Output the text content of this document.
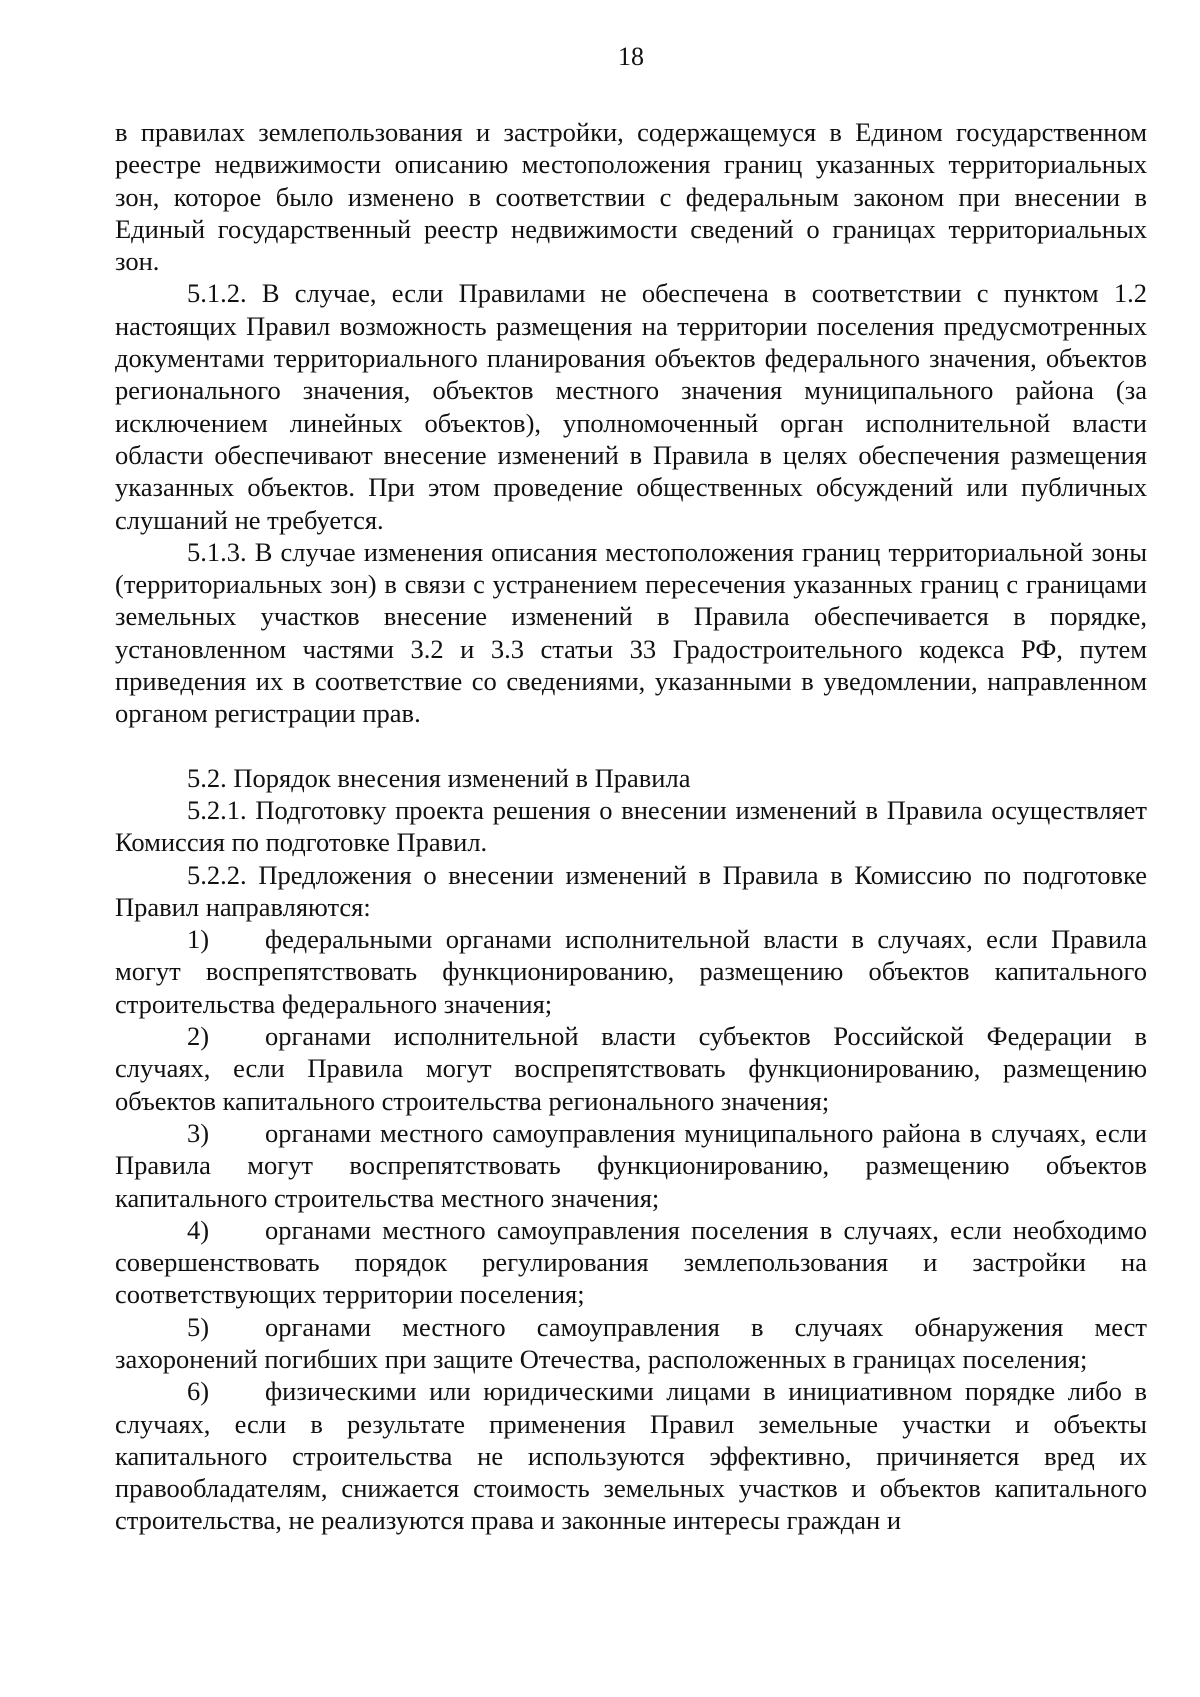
18

в правилах землепользования и застройки, содержащемуся в Едином государственном реестре недвижимости описанию местоположения границ указанных территориальных зон, которое было изменено в соответствии с федеральным законом при внесении в Единый государственный реестр недвижимости сведений о границах территориальных зон.

5.1.2. В случае, если Правилами не обеспечена в соответствии с пунктом 1.2 настоящих Правил возможность размещения на территории поселения предусмотренных документами территориального планирования объектов федерального значения, объектов регионального значения, объектов местного значения муниципального района (за исключением линейных объектов), уполномоченный орган исполнительной власти области обеспечивают внесение изменений в Правила в целях обеспечения размещения указанных объектов. При этом проведение общественных обсуждений или публичных слушаний не требуется.

5.1.3. В случае изменения описания местоположения границ территориальной зоны (территориальных зон) в связи с устранением пересечения указанных границ с границами земельных участков внесение изменений в Правила обеспечивается в порядке, установленном частями 3.2 и 3.3 статьи 33 Градостроительного кодекса РФ, путем приведения их в соответствие со сведениями, указанными в уведомлении, направленном органом регистрации прав.

5.2. Порядок внесения изменений в Правила

5.2.1. Подготовку проекта решения о внесении изменений в Правила осуществляет Комиссия по подготовке Правил.

5.2.2. Предложения о внесении изменений в Правила в Комиссию по подготовке Правил направляются:

1) федеральными органами исполнительной власти в случаях, если Правила могут воспрепятствовать функционированию, размещению объектов капитального строительства федерального значения;

2) органами исполнительной власти субъектов Российской Федерации в случаях, если Правила могут воспрепятствовать функционированию, размещению объектов капитального строительства регионального значения;

3) органами местного самоуправления муниципального района в случаях, если Правила могут воспрепятствовать функционированию, размещению объектов капитального строительства местного значения;

4) органами местного самоуправления поселения в случаях, если необходимо совершенствовать порядок регулирования землепользования и застройки на соответствующих территории поселения;

5) органами местного самоуправления в случаях обнаружения мест захоронений погибших при защите Отечества, расположенных в границах поселения;

6) физическими или юридическими лицами в инициативном порядке либо в случаях, если в результате применения Правил земельные участки и объекты капитального строительства не используются эффективно, причиняется вред их правообладателям, снижается стоимость земельных участков и объектов капитального строительства, не реализуются права и законные интересы граждан и
